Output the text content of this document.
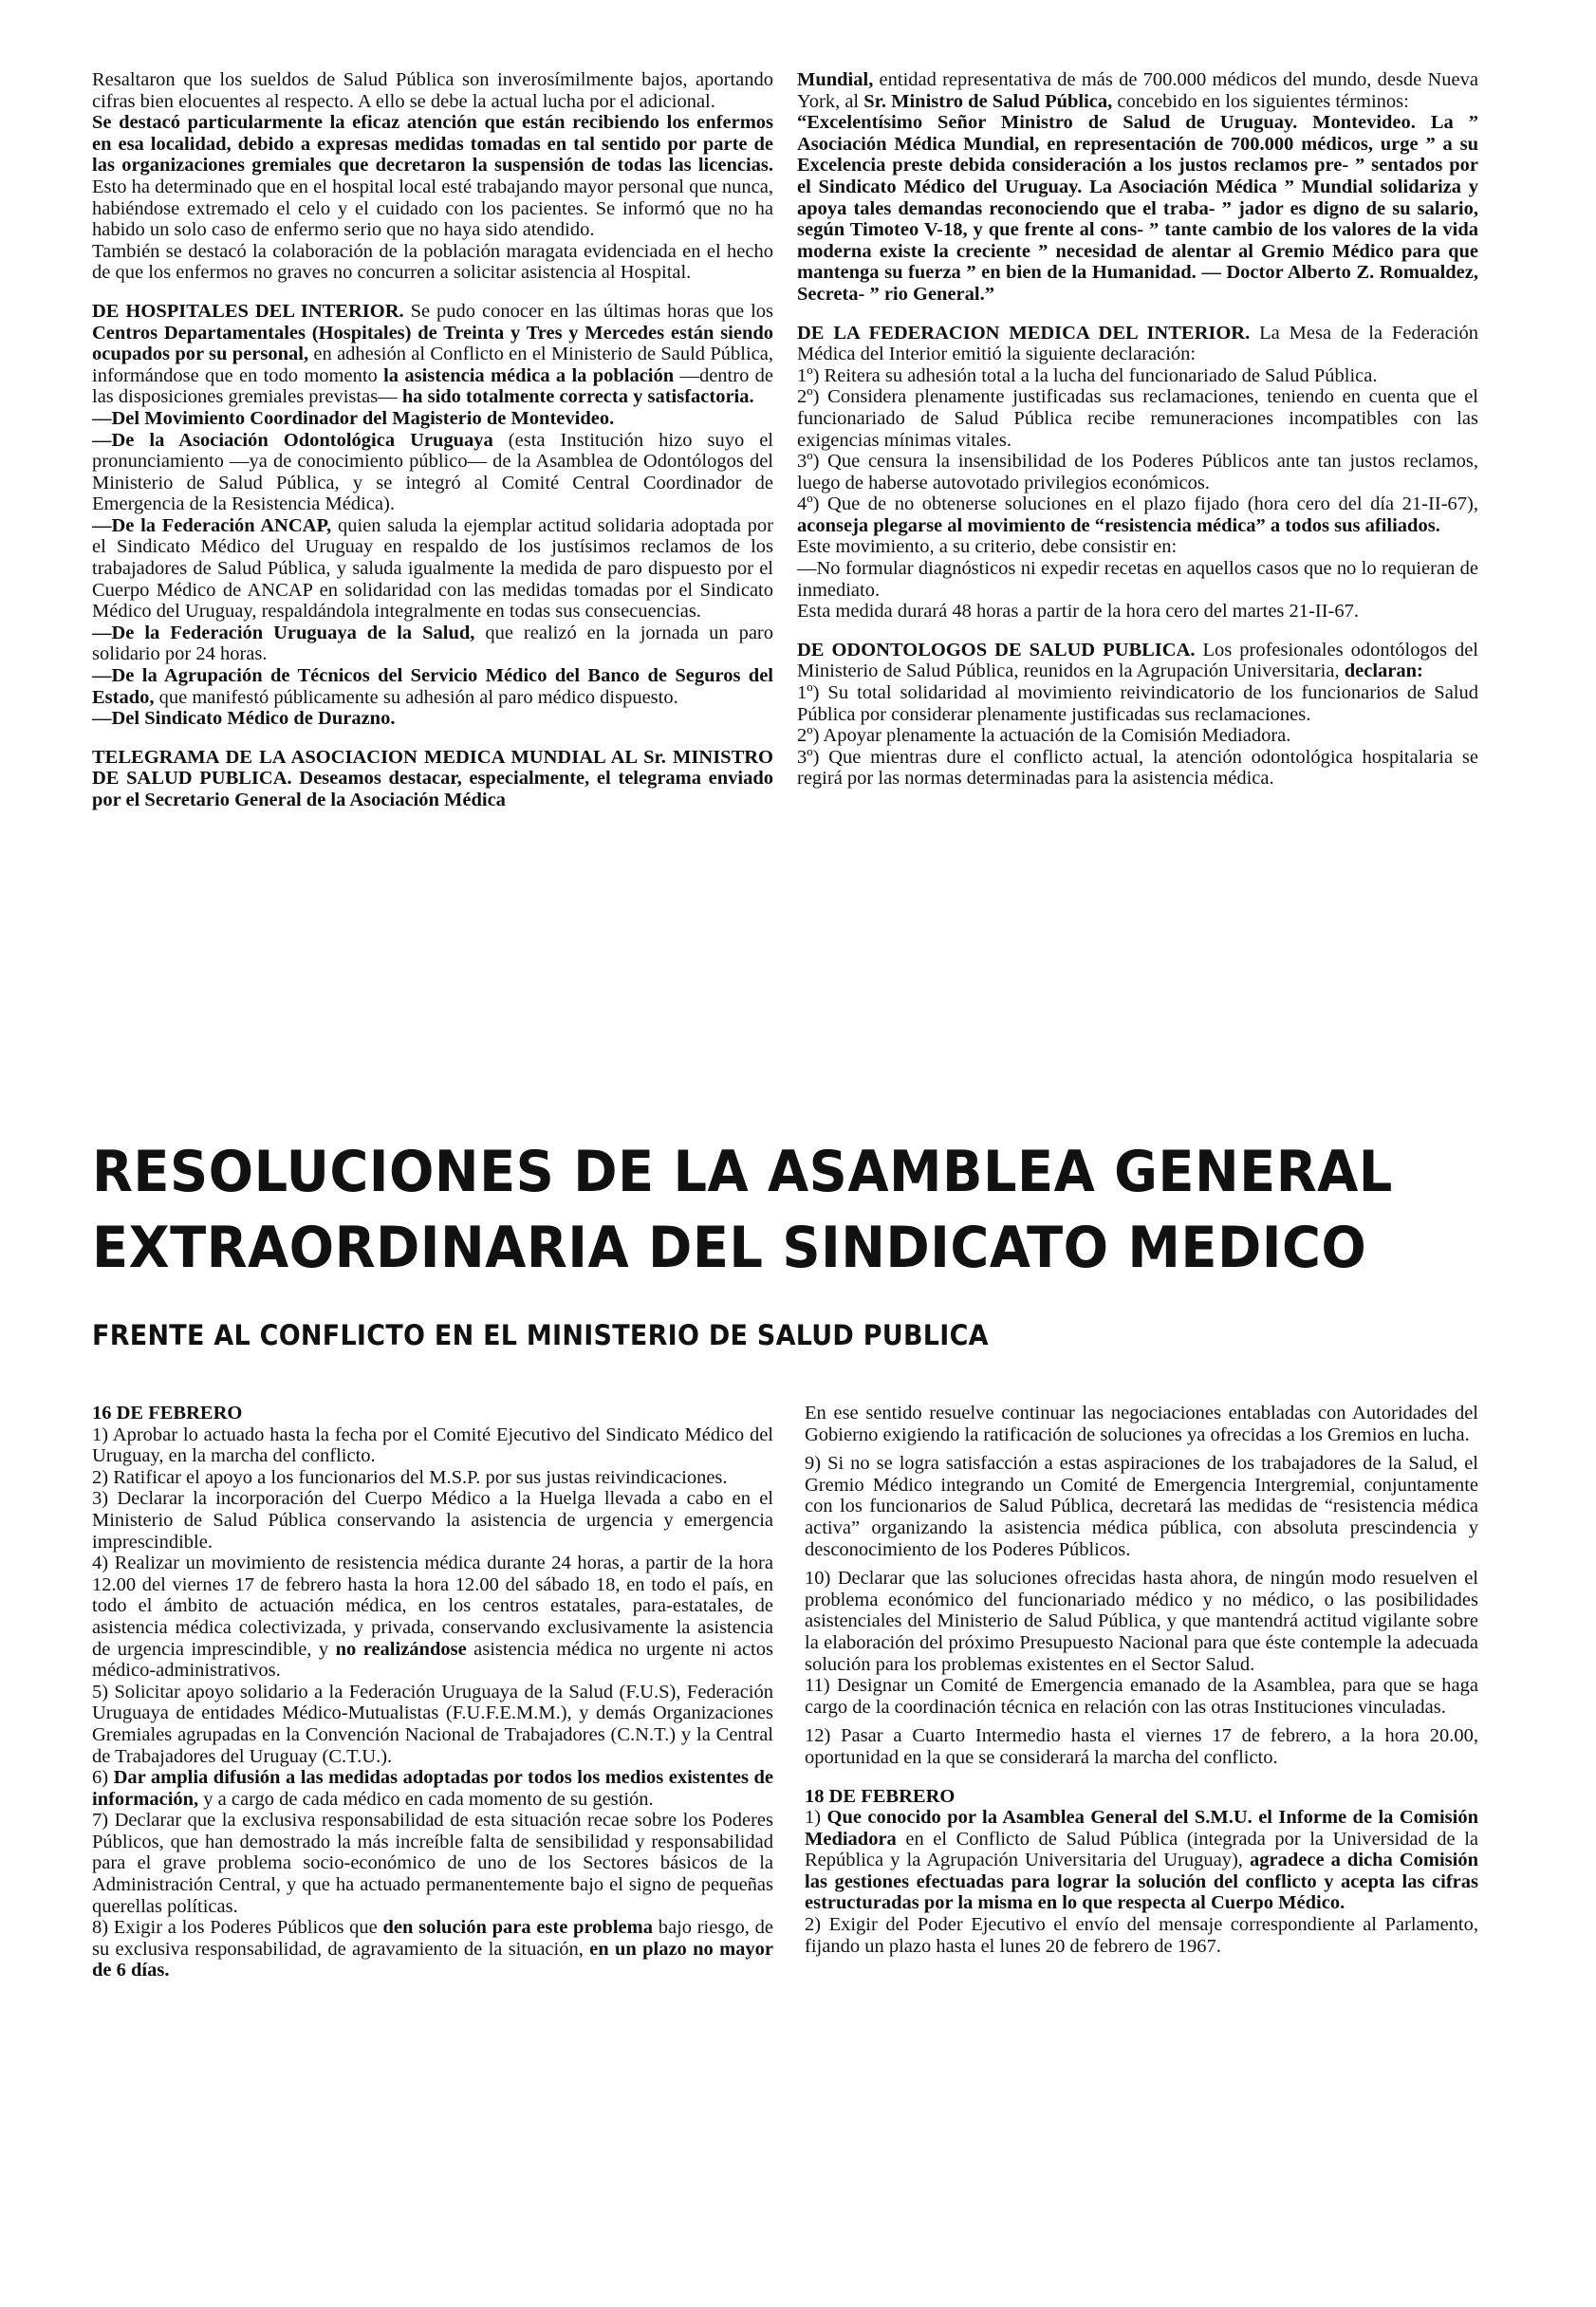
Resaltaron que los sueldos de Salud Pública son inverosímilmente bajos, aportando cifras bien elocuentes al respecto. A ello se debe la actual lucha por el adicional.

Se destacó particularmente la eficaz atención que están recibiendo los enfermos en esa localidad, debido a expresas medidas tomadas en tal sentido por parte de las organizaciones gremiales que decretaron la suspensión de todas las licencias. Esto ha determinado que en el hospital local esté trabajando mayor personal que nunca, habiéndose extremado el celo y el cuidado con los pacientes. Se informó que no ha habido un solo caso de enfermo serio que no haya sido atendido.

También se destacó la colaboración de la población maragata evidenciada en el hecho de que los enfermos no graves no concurren a solicitar asistencia al Hospital.

DE HOSPITALES DEL INTERIOR. Se pudo conocer en las últimas horas que los Centros Departamentales (Hospitales) de Treinta y Tres y Mercedes están siendo ocupados por su personal, en adhesión al Conflicto en el Ministerio de Sauld Pública, informándose que en todo momento la asistencia médica a la población —dentro de las disposiciones gremiales previstas— ha sido totalmente correcta y satisfactoria.

—Del Movimiento Coordinador del Magisterio de Montevideo.

—De la Asociación Odontológica Uruguaya (esta Institución hizo suyo el pronunciamiento —ya de conocimiento público— de la Asamblea de Odontólogos del Ministerio de Salud Pública, y se integró al Comité Central Coordinador de Emergencia de la Resistencia Médica).

—De la Federación ANCAP, quien saluda la ejemplar actitud solidaria adoptada por el Sindicato Médico del Uruguay en respaldo de los justísimos reclamos de los trabajadores de Salud Pública, y saluda igualmente la medida de paro dispuesto por el Cuerpo Médico de ANCAP en solidaridad con las medidas tomadas por el Sindicato Médico del Uruguay, respaldándola integralmente en todas sus consecuencias.

—De la Federación Uruguaya de la Salud, que realizó en la jornada un paro solidario por 24 horas.

—De la Agrupación de Técnicos del Servicio Médico del Banco de Seguros del Estado, que manifestó públicamente su adhesión al paro médico dispuesto.

—Del Sindicato Médico de Durazno.

TELEGRAMA DE LA ASOCIACION MEDICA MUNDIAL AL Sr. MINISTRO DE SALUD PUBLICA. Deseamos destacar, especialmente, el telegrama enviado por el Secretario General de la Asociación Médica

Mundial, entidad representativa de más de 700.000 médicos del mundo, desde Nueva York, al Sr. Ministro de Salud Pública, concebido en los siguientes términos:

“Excelentísimo Señor Ministro de Salud de Uruguay. Montevideo. La ” Asociación Médica Mundial, en representación de 700.000 médicos, urge ” a su Excelencia preste debida consideración a los justos reclamos pre- ” sentados por el Sindicato Médico del Uruguay. La Asociación Médica ” Mundial solidariza y apoya tales demandas reconociendo que el traba- ” jador es digno de su salario, según Timoteo V-18, y que frente al cons- ” tante cambio de los valores de la vida moderna existe la creciente ” necesidad de alentar al Gremio Médico para que mantenga su fuerza ” en bien de la Humanidad. — Doctor Alberto Z. Romualdez, Secreta- ” rio General.”

DE LA FEDERACION MEDICA DEL INTERIOR. La Mesa de la Federación Médica del Interior emitió la siguiente declaración:

1º) Reitera su adhesión total a la lucha del funcionariado de Salud Pública.

2º) Considera plenamente justificadas sus reclamaciones, teniendo en cuenta que el funcionariado de Salud Pública recibe remuneraciones incompatibles con las exigencias mínimas vitales.

3º) Que censura la insensibilidad de los Poderes Públicos ante tan justos reclamos, luego de haberse autovotado privilegios económicos.

4º) Que de no obtenerse soluciones en el plazo fijado (hora cero del día 21-II-67), aconseja plegarse al movimiento de “resistencia médica” a todos sus afiliados.

Este movimiento, a su criterio, debe consistir en:

—No formular diagnósticos ni expedir recetas en aquellos casos que no lo requieran de inmediato.

Esta medida durará 48 horas a partir de la hora cero del martes 21-II-67.

DE ODONTOLOGOS DE SALUD PUBLICA. Los profesionales odontólogos del Ministerio de Salud Pública, reunidos en la Agrupación Universitaria, declaran:

1º) Su total solidaridad al movimiento reivindicatorio de los funcionarios de Salud Pública por considerar plenamente justificadas sus reclamaciones.

2º) Apoyar plenamente la actuación de la Comisión Mediadora.

3º) Que mientras dure el conflicto actual, la atención odontológica hospitalaria se regirá por las normas determinadas para la asistencia médica.

RESOLUCIONES DE LA ASAMBLEA GENERAL
EXTRAORDINARIA DEL SINDICATO MEDICO
FRENTE AL CONFLICTO EN EL MINISTERIO DE SALUD PUBLICA

16 DE FEBRERO

1) Aprobar lo actuado hasta la fecha por el Comité Ejecutivo del Sindicato Médico del Uruguay, en la marcha del conflicto.

2) Ratificar el apoyo a los funcionarios del M.S.P. por sus justas reivindicaciones.

3) Declarar la incorporación del Cuerpo Médico a la Huelga llevada a cabo en el Ministerio de Salud Pública conservando la asistencia de urgencia y emergencia imprescindible.

4) Realizar un movimiento de resistencia médica durante 24 horas, a partir de la hora 12.00 del viernes 17 de febrero hasta la hora 12.00 del sábado 18, en todo el país, en todo el ámbito de actuación médica, en los centros estatales, para-estatales, de asistencia médica colectivizada, y privada, conservando exclusivamente la asistencia de urgencia imprescindible, y no realizándose asistencia médica no urgente ni actos médico-administrativos.

5) Solicitar apoyo solidario a la Federación Uruguaya de la Salud (F.U.S), Federación Uruguaya de entidades Médico-Mutualistas (F.U.F.E.M.M.), y demás Organizaciones Gremiales agrupadas en la Convención Nacional de Trabajadores (C.N.T.) y la Central de Trabajadores del Uruguay (C.T.U.).

6) Dar amplia difusión a las medidas adoptadas por todos los medios existentes de información, y a cargo de cada médico en cada momento de su gestión.

7) Declarar que la exclusiva responsabilidad de esta situación recae sobre los Poderes Públicos, que han demostrado la más increíble falta de sensibilidad y responsabilidad para el grave problema socio-económico de uno de los Sectores básicos de la Administración Central, y que ha actuado permanentemente bajo el signo de pequeñas querellas políticas.

8) Exigir a los Poderes Públicos que den solución para este problema bajo riesgo, de su exclusiva responsabilidad, de agravamiento de la situación, en un plazo no mayor de 6 días.

En ese sentido resuelve continuar las negociaciones entabladas con Autoridades del Gobierno exigiendo la ratificación de soluciones ya ofrecidas a los Gremios en lucha.

9) Si no se logra satisfacción a estas aspiraciones de los trabajadores de la Salud, el Gremio Médico integrando un Comité de Emergencia Intergremial, conjuntamente con los funcionarios de Salud Pública, decretará las medidas de “resistencia médica activa” organizando la asistencia médica pública, con absoluta prescindencia y desconocimiento de los Poderes Públicos.

10) Declarar que las soluciones ofrecidas hasta ahora, de ningún modo resuelven el problema económico del funcionariado médico y no médico, o las posibilidades asistenciales del Ministerio de Salud Pública, y que mantendrá actitud vigilante sobre la elaboración del próximo Presupuesto Nacional para que éste contemple la adecuada solución para los problemas existentes en el Sector Salud.

11) Designar un Comité de Emergencia emanado de la Asamblea, para que se haga cargo de la coordinación técnica en relación con las otras Instituciones vinculadas.

12) Pasar a Cuarto Intermedio hasta el viernes 17 de febrero, a la hora 20.00, oportunidad en la que se considerará la marcha del conflicto.

18 DE FEBRERO

1) Que conocido por la Asamblea General del S.M.U. el Informe de la Comisión Mediadora en el Conflicto de Salud Pública (integrada por la Universidad de la República y la Agrupación Universitaria del Uruguay), agradece a dicha Comisión las gestiones efectuadas para lograr la solución del conflicto y acepta las cifras estructuradas por la misma en lo que respecta al Cuerpo Médico.

2) Exigir del Poder Ejecutivo el envío del mensaje correspondiente al Parlamento, fijando un plazo hasta el lunes 20 de febrero de 1967.
